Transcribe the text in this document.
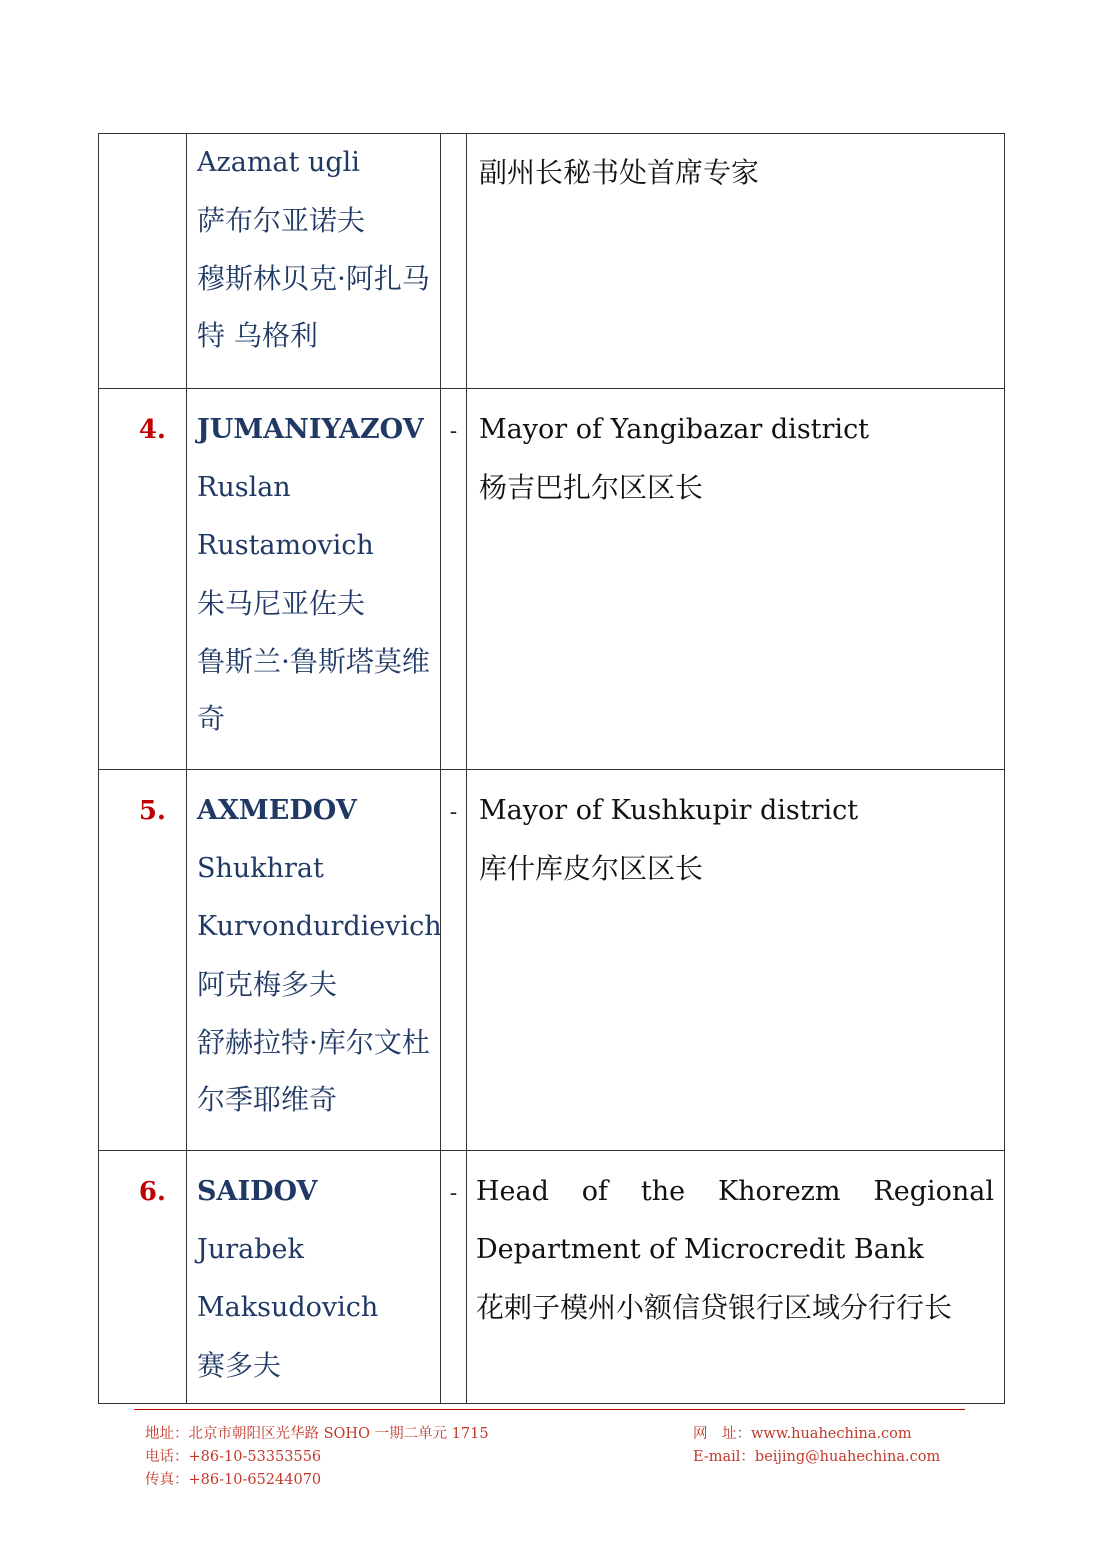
	Azamat ugli
萨布尔亚诺夫
穆斯林贝克·阿扎马特 乌格利		副州长秘书处首席专家

4.	JUMANIYAZOV
Ruslan
Rustamovich
朱马尼亚佐夫
鲁斯兰·鲁斯塔莫维奇	-	Mayor of Yangibazar district
杨吉巴扎尔区区长

5.	AXMEDOV
Shukhrat
Kurvondurdievich
阿克梅多夫
舒赫拉特·库尔文杜尔季耶维奇	-	Mayor of Kushkupir district
库什库皮尔区区长

6.	SAIDOV
Jurabek
Maksudovich
赛多夫	-	Head of the Khorezm Regional
Department of Microcredit Bank
花剌子模州小额信贷银行区域分行行长
地址：北京市朝阳区光华路 SOHO 一期二单元 1715
电话：+86-10-53353556
传真：+86-10-65244070
网　址：www.huahechina.com
E-mail：beijing@huahechina.com
